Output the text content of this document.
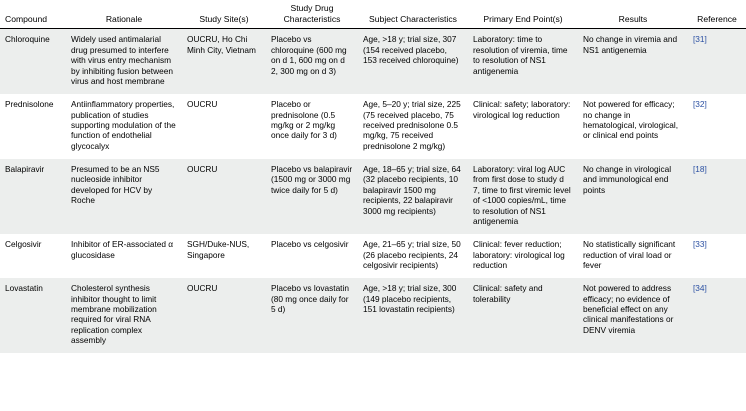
Compound	Rationale	Study Site(s)	Study Drug Characteristics	Subject Characteristics	Primary End Point(s)	Results	Reference
Chloroquine	Widely used antimalarial drug presumed to interfere with virus entry mechanism by inhibiting fusion between virus and host membrane	OUCRU, Ho Chi Minh City, Vietnam	Placebo vs chloroquine (600 mg on d 1, 600 mg on d 2, 300 mg on d 3)	Age, >18 y; trial size, 307 (154 received placebo, 153 received chloroquine)	Laboratory: time to resolution of viremia, time to resolution of NS1 antigenemia	No change in viremia and NS1 antigenemia	[31]
Prednisolone	Antiinflammatory properties, publication of studies supporting modulation of the function of endothelial glycocalyx	OUCRU	Placebo or prednisolone (0.5 mg/kg or 2 mg/kg once daily for 3 d)	Age, 5–20 y; trial size, 225 (75 received placebo, 75 received prednisolone 0.5 mg/kg, 75 received prednisolone 2 mg/kg)	Clinical: safety; laboratory: virological log reduction	Not powered for efficacy; no change in hematological, virological, or clinical end points	[32]
Balapiravir	Presumed to be an NS5 nucleoside inhibitor developed for HCV by Roche	OUCRU	Placebo vs balapiravir (1500 mg or 3000 mg twice daily for 5 d)	Age, 18–65 y; trial size, 64 (32 placebo recipients, 10 balapiravir 1500 mg recipients, 22 balapiravir 3000 mg recipients)	Laboratory: viral log AUC from first dose to study d 7, time to first viremic level of <1000 copies/mL, time to resolution of NS1 antigenemia	No change in virological and immunological end points	[18]
Celgosivir	Inhibitor of ER-associated α glucosidase	SGH/Duke-NUS, Singapore	Placebo vs celgosivir	Age, 21–65 y; trial size, 50 (26 placebo recipients, 24 celgosivir recipients)	Clinical: fever reduction; laboratory: virological log reduction	No statistically significant reduction of viral load or fever	[33]
Lovastatin	Cholesterol synthesis inhibitor thought to limit membrane mobilization required for viral RNA replication complex assembly	OUCRU	Placebo vs lovastatin (80 mg once daily for 5 d)	Age, >18 y; trial size, 300 (149 placebo recipients, 151 lovastatin recipients)	Clinical: safety and tolerability	Not powered to address efficacy; no evidence of beneficial effect on any clinical manifestations or DENV viremia	[34]
